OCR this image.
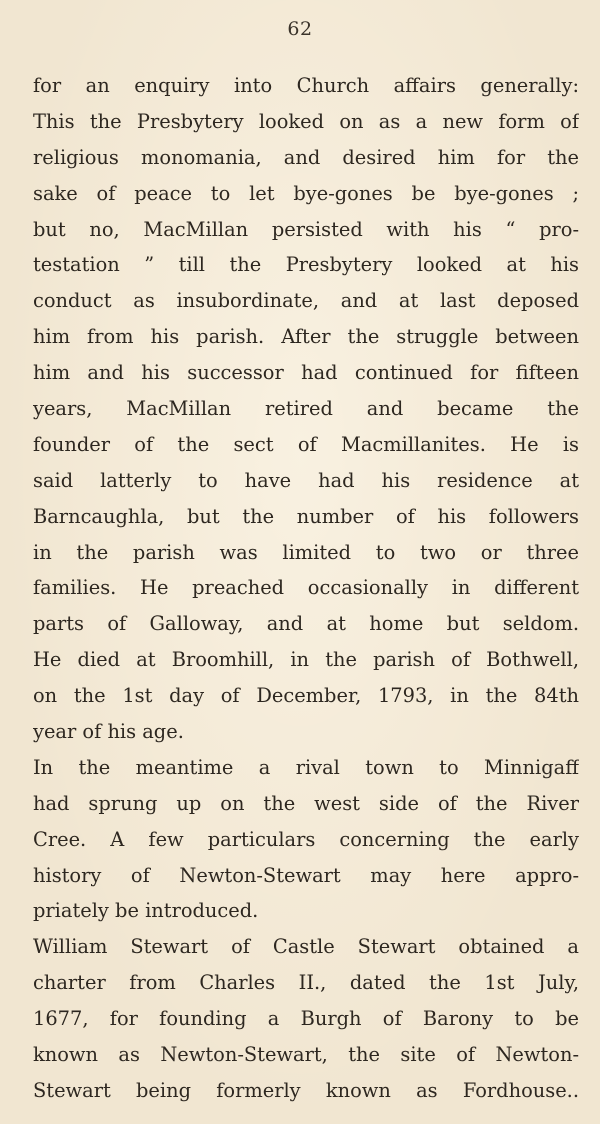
62
for an enquiry into Church affairs generally:
This the Presbytery looked on as a new form of
religious monomania, and desired him for the
sake of peace to let bye-gones be bye-gones ;
but no, MacMillan persisted with his “ pro-
testation ” till the Presbytery looked at his
conduct as insubordinate, and at last deposed
him from his parish. After the struggle between
him and his successor had continued for fifteen
years, MacMillan retired and became the
founder of the sect of Macmillanites. He is
said latterly to have had his residence at
Barncaughla, but the number of his followers
in the parish was limited to two or three
families. He preached occasionally in different
parts of Galloway, and at home but seldom.
He died at Broomhill, in the parish of Bothwell,
on the 1st day of December, 1793, in the 84th
year of his age.
In the meantime a rival town to Minnigaff
had sprung up on the west side of the River
Cree. A few particulars concerning the early
history of Newton-Stewart may here appro-
priately be introduced.
William Stewart of Castle Stewart obtained a
charter from Charles II., dated the 1st July,
1677, for founding a Burgh of Barony to be
known as Newton-Stewart, the site of Newton-
Stewart being formerly known as Fordhouse..
